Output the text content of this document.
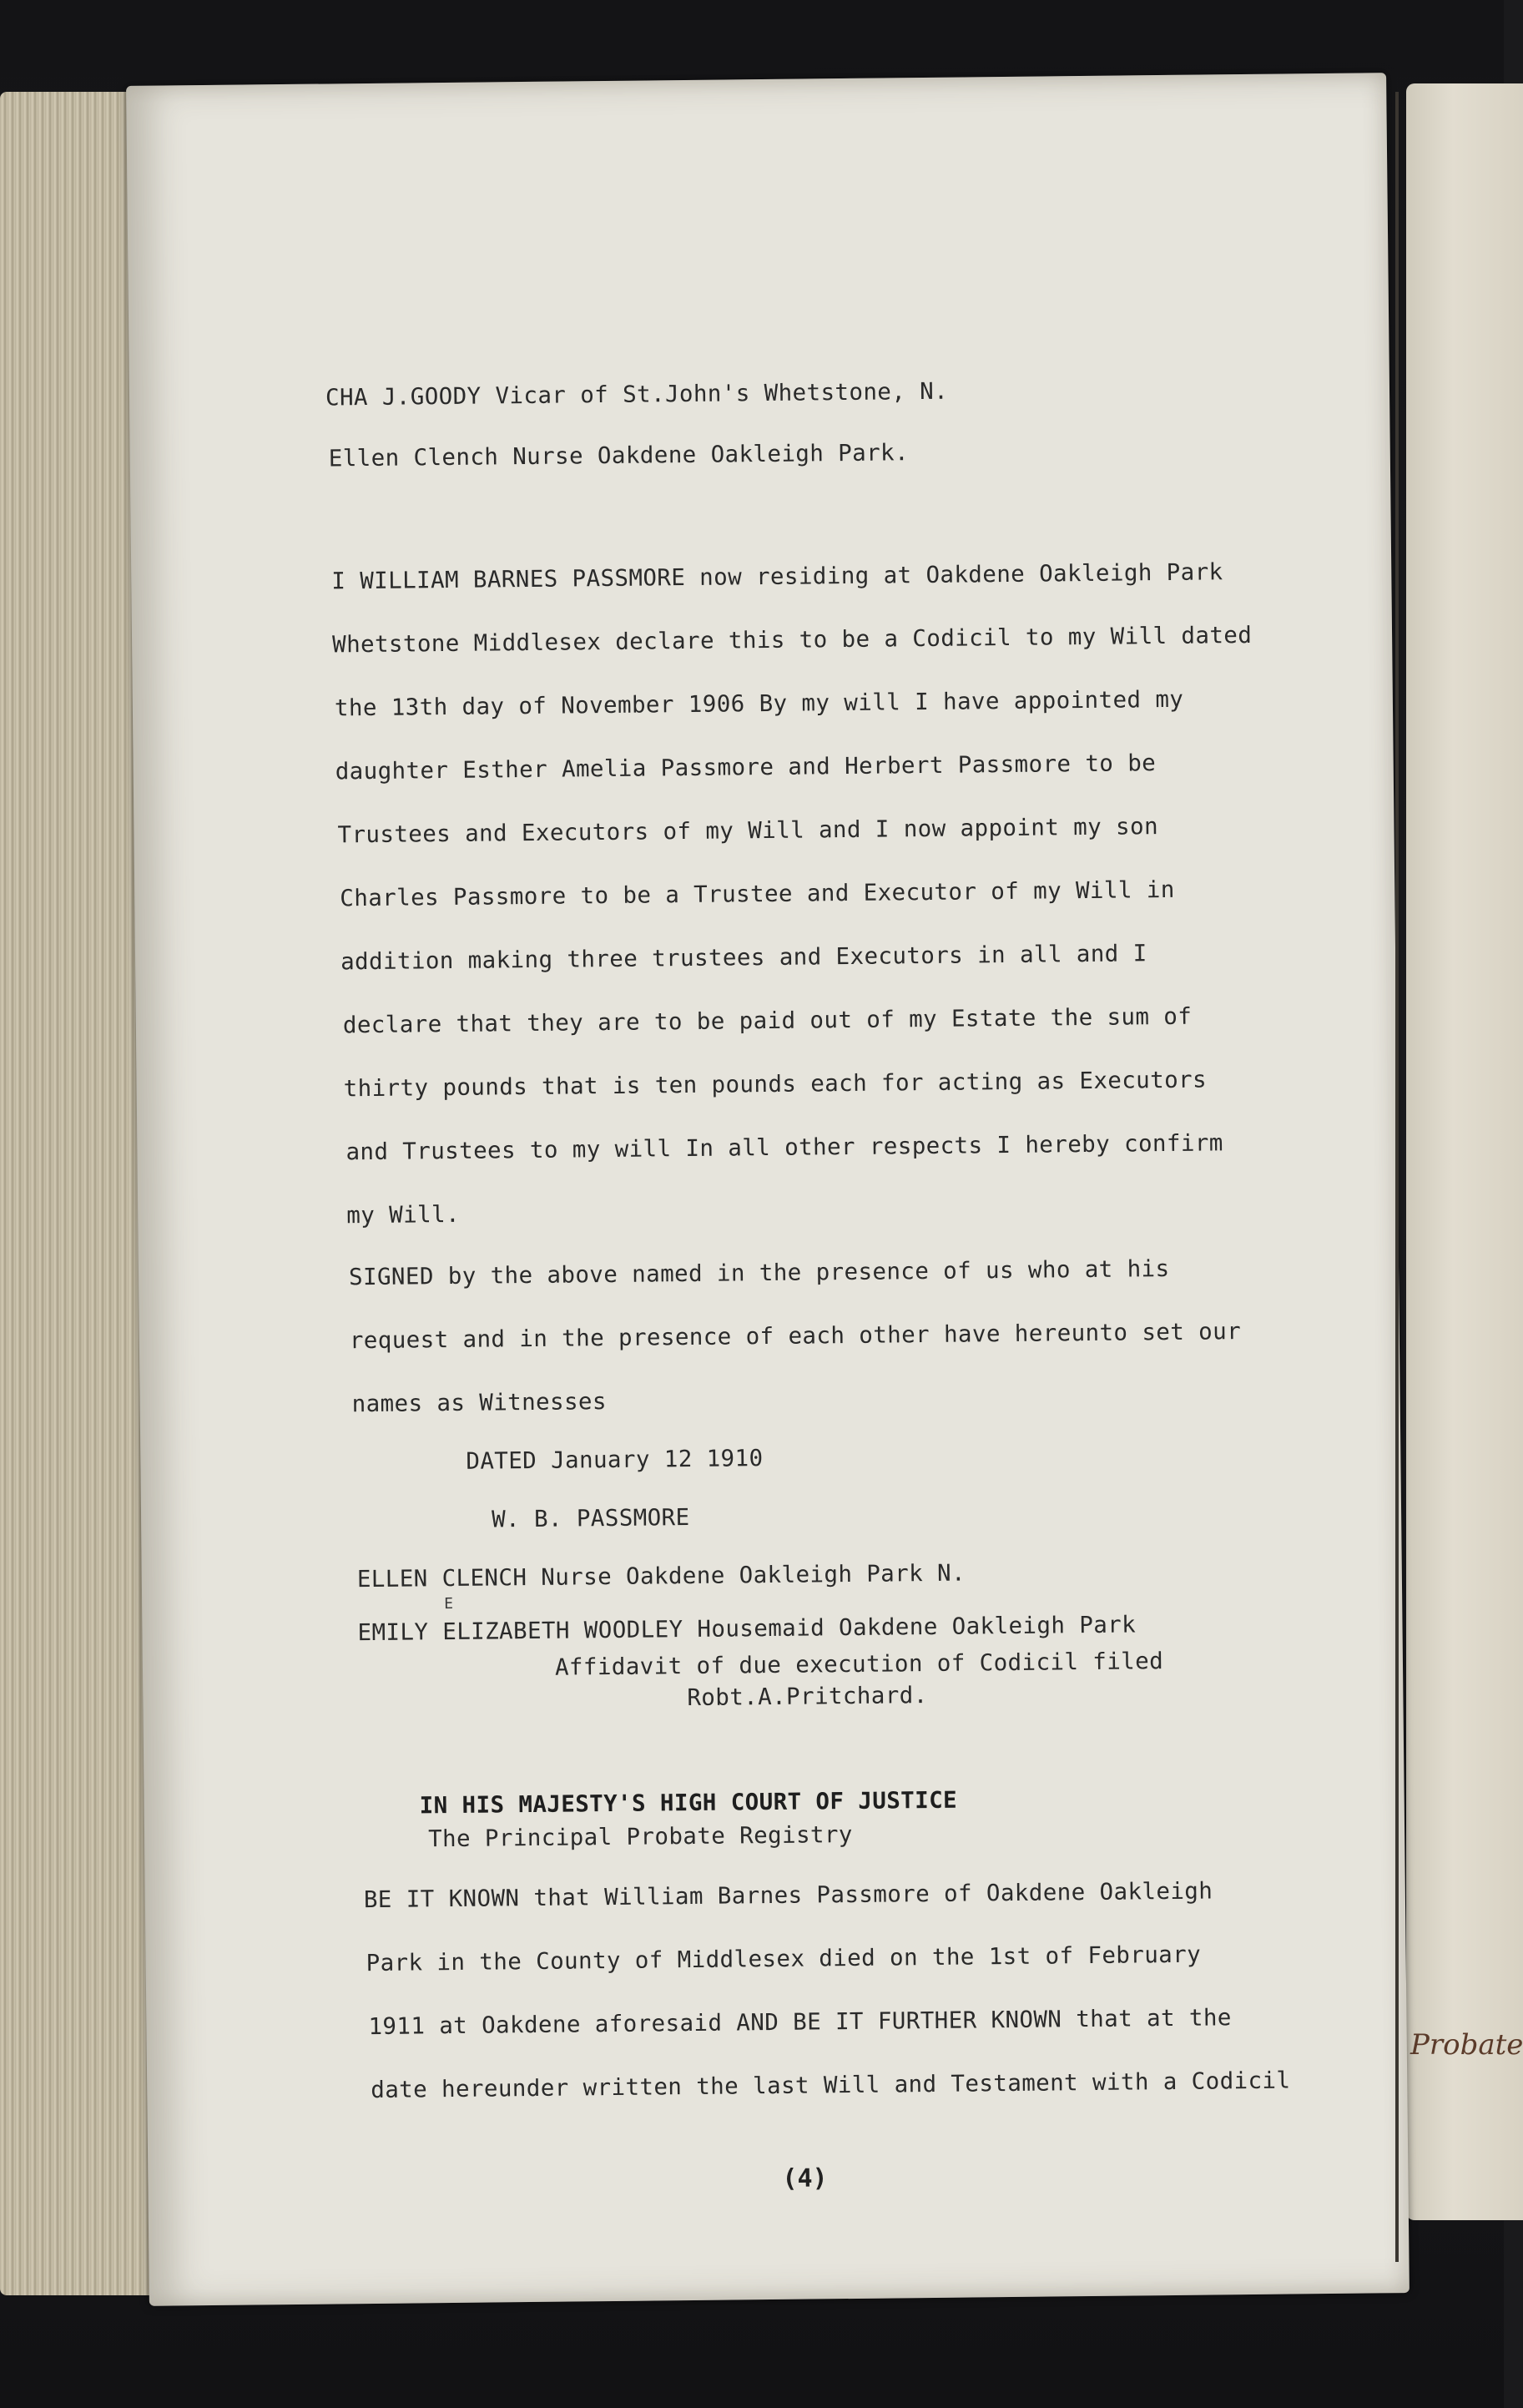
Probate
CHA J.GOODY Vicar of St.John's Whetstone, N.
Ellen Clench Nurse Oakdene Oakleigh Park.
I WILLIAM BARNES PASSMORE now residing at Oakdene Oakleigh Park
Whetstone Middlesex declare this to be a Codicil to my Will dated
the 13th day of November 1906 By my will I have appointed my
daughter Esther Amelia Passmore and Herbert Passmore to be
Trustees and Executors of my Will and I now appoint my son
Charles Passmore to be a Trustee and Executor of my Will in
addition making three trustees and Executors in all and I
declare that they are to be paid out of my Estate the sum of
thirty pounds that is ten pounds each for acting as Executors
and Trustees to my will In all other respects I hereby confirm
my Will.
SIGNED by the above named in the presence of us who at his
request and in the presence of each other have hereunto set our
names as Witnesses
DATED January 12 1910
W. B. PASSMORE
ELLEN CLENCH Nurse Oakdene Oakleigh Park N.
E
EMILY ELIZABETH WOODLEY Housemaid Oakdene Oakleigh Park
Affidavit of due execution of Codicil filed
Robt.A.Pritchard.
IN HIS MAJESTY'S HIGH COURT OF JUSTICE
The Principal Probate Registry
BE IT KNOWN that William Barnes Passmore of Oakdene Oakleigh
Park in the County of Middlesex died on the 1st of February
1911 at Oakdene aforesaid AND BE IT FURTHER KNOWN that at the
date hereunder written the last Will and Testament with a Codicil
(4)
